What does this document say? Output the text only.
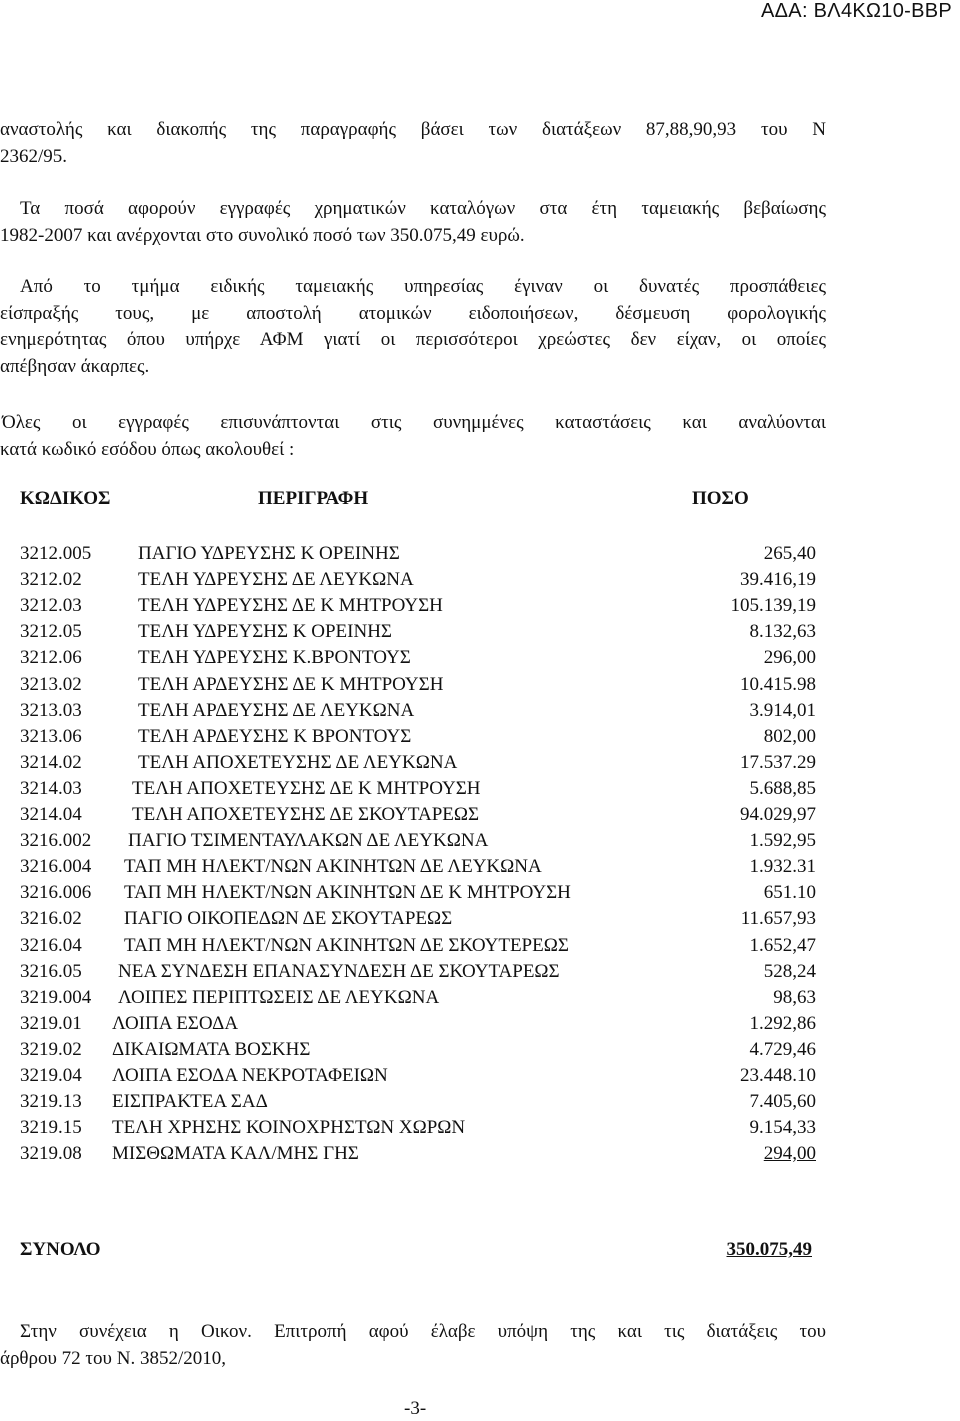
ΑΔΑ: ΒΛ4ΚΩ10-ΒΒΡ
αναστολής και διακοπής της παραγραφής βάσει των διατάξεων 87,88,90,93 του Ν
2362/95.
Τα ποσά αφορούν εγγραφές χρηματικών καταλόγων στα έτη ταμειακής βεβαίωσης
1982-2007 και ανέρχονται στο συνολικό ποσό των 350.075,49 ευρώ.
Από το τμήμα ειδικής ταμειακής υπηρεσίας έγιναν οι δυνατές προσπάθειες
είσπραξής τους, με αποστολή ατομικών ειδοποιήσεων, δέσμευση φορολογικής
ενημερότητας όπου υπήρχε ΑΦΜ γιατί οι περισσότεροι χρεώστες δεν είχαν, οι οποίες
απέβησαν άκαρπες.
Όλες οι εγγραφές επισυνάπτονται στις συνημμένες καταστάσεις και αναλύονται
κατά κωδικό εσόδου όπως ακολουθεί :
ΚΩΔΙΚΟΣ	ΠΕΡΙΓΡΑΦΗ	ΠΟΣΟ
3212.005 ΠΑΓΙΟ ΥΔΡΕΥΣΗΣ Κ ΟΡΕΙΝΗΣ	265,40
3212.02	ΤΕΛΗ ΥΔΡΕΥΣΗΣ ΔΕ ΛΕΥΚΩΝΑ	39.416,19
3212.03	ΤΕΛΗ ΥΔΡΕΥΣΗΣ ΔΕ Κ ΜΗΤΡΟΥΣΗ	105.139,19
3212.05	ΤΕΛΗ ΥΔΡΕΥΣΗΣ Κ ΟΡΕΙΝΗΣ	8.132,63
3212.06	ΤΕΛΗ ΥΔΡΕΥΣΗΣ Κ.ΒΡΟΝΤΟΥΣ	296,00
3213.02	ΤΕΛΗ ΑΡΔΕΥΣΗΣ ΔΕ Κ ΜΗΤΡΟΥΣΗ	10.415.98
3213.03	ΤΕΛΗ ΑΡΔΕΥΣΗΣ ΔΕ ΛΕΥΚΩΝΑ	3.914,01
3213.06	ΤΕΛΗ ΑΡΔΕΥΣΗΣ Κ ΒΡΟΝΤΟΥΣ	802,00
3214.02	ΤΕΛΗ ΑΠΟΧΕΤΕΥΣΗΣ ΔΕ ΛΕΥΚΩΝΑ	17.537.29
3214.03	ΤΕΛΗ ΑΠΟΧΕΤΕΥΣΗΣ ΔΕ Κ ΜΗΤΡΟΥΣΗ	5.688,85
3214.04	ΤΕΛΗ ΑΠΟΧΕΤΕΥΣΗΣ ΔΕ ΣΚΟΥΤΑΡΕΩΣ	94.029,97
3216.002 ΠΑΓΙΟ ΤΣΙΜΕΝΤΑΥΛΑΚΩΝ ΔΕ ΛΕΥΚΩΝΑ	1.592,95
3216.004 ΤΑΠ ΜΗ ΗΛΕΚΤ/ΝΩΝ ΑΚΙΝΗΤΩΝ ΔΕ ΛΕΥΚΩΝΑ	1.932.31
3216.006 ΤΑΠ ΜΗ ΗΛΕΚΤ/ΝΩΝ ΑΚΙΝΗΤΩΝ ΔΕ Κ ΜΗΤΡΟΥΣΗ	651.10
3216.02 ΠΑΓΙΟ ΟΙΚΟΠΕΔΩΝ ΔΕ ΣΚΟΥΤΑΡΕΩΣ	11.657,93
3216.04 ΤΑΠ ΜΗ ΗΛΕΚΤ/ΝΩΝ ΑΚΙΝΗΤΩΝ ΔΕ ΣΚΟΥΤΕΡΕΩΣ	1.652,47
3216.05 ΝΕΑ ΣΥΝΔΕΣΗ ΕΠΑΝΑΣΥΝΔΕΣΗ ΔΕ ΣΚΟΥΤΑΡΕΩΣ	528,24
3219.004 ΛΟΙΠΕΣ ΠΕΡΙΠΤΩΣΕΙΣ ΔΕ ΛΕΥΚΩΝΑ	98,63
3219.01 ΛΟΙΠΑ ΕΣΟΔΑ	1.292,86
3219.02 ΔΙΚΑΙΩΜΑΤΑ ΒΟΣΚΗΣ	4.729,46
3219.04 ΛΟΙΠΑ ΕΣΟΔΑ ΝΕΚΡΟΤΑΦΕΙΩΝ	23.448.10
3219.13 ΕΙΣΠΡΑΚΤΕΑ ΣΑΔ	7.405,60
3219.15 ΤΕΛΗ ΧΡΗΣΗΣ ΚΟΙΝΟΧΡΗΣΤΩΝ ΧΩΡΩΝ	9.154,33
3219.08 ΜΙΣΘΩΜΑΤΑ ΚΑΛ/ΜΗΣ ΓΗΣ	294,00
ΣΥΝΟΛΟ	350.075,49
Στην συνέχεια η Οικον. Επιτροπή αφού έλαβε υπόψη της και τις διατάξεις του
άρθρου 72 του Ν. 3852/2010,
-3-
